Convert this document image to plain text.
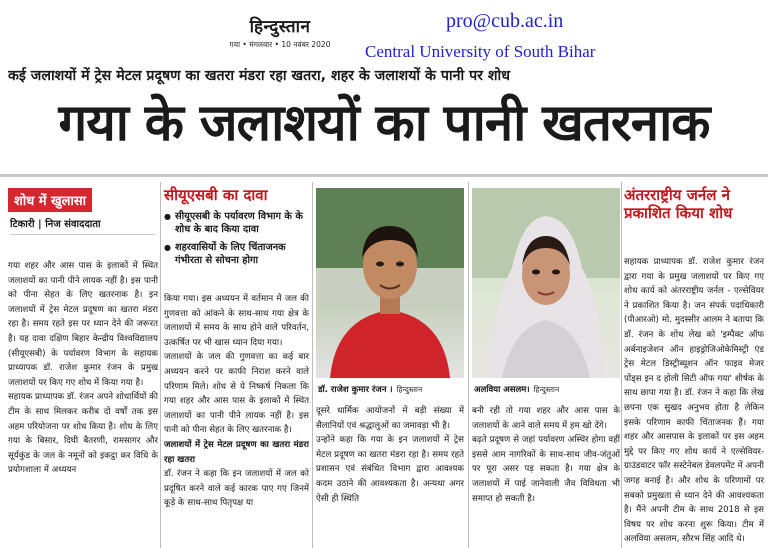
हिन्दुस्तान
गया • मंगलवार • 10 नवंबर 2020
pro@cub.ac.in
Central University of South Bihar
कई जलाशयों में ट्रेस मेटल प्रदूषण का खतरा मंडरा रहा खतरा, शहर के जलाशयों के पानी पर शोध
गया के जलाशयों का पानी खतरनाक
शोध में खुलासा
टिकारी | निज संवाददाता

गया शहर और आस पास के इलाकों में स्थित जलाशयों का पानी पीने लायक नहीं है। इस पानी को पीना सेहत के लिए खतरनाक है। इन जलाशयों में ट्रेस मेटल प्रदूषण का खतरा मंडरा रहा है। समय रहते इस पर ध्यान देने की जरूरत है। यह दावा दक्षिण बिहार केन्द्रीय विश्वविद्यालय (सीयूएसबी) के पर्यावरण विभाग के सहायक प्राध्यापक डॉ. राजेश कुमार रंजन के प्रमुख जलाशयों पर किए गए शोध में किया गया है।

सहायक प्राध्यापक डॉ. रंजन अपने शोधार्थियों की टीम के साथ मिलकर करीब दो वर्षों तक इस अहम परियोजना पर शोध किया है। शोध के लिए गया के बिसार, दिघी बैतरणी, रामसागर और सूर्यकुंड के जल के नमूनों को इकट्ठा कर विधि के प्रयोगशाला में अध्ययन

सीयूएसबी का दावा
● सीयूएसबी के पर्यावरण विभाग के के शोध के बाद किया दावा
● शहरवासियों के लिए चिंताजनक गंभीरता से सोचना होगा

किया गया। इस अध्ययन में वर्तमान में जल की गुणवत्ता को आंकने के साथ-साथ गया क्षेत्र के जलाशयों में समय के साथ होने वाले परिवर्तन, उत्कर्षित पर भी खास ध्यान दिया गया।

जलाशयों के जल की गुणवत्ता का कई बार अध्ययन करने पर काफी निराश करने वाले परिणाम मिले। शोध से ये निष्कर्ष निकला कि गया शहर और आस पास के इलाकों में स्थित जलाशयों का पानी पीने लायक नहीं है। इस पानी को पीना सेहत के लिए खतरनाक है।

जलाशयों में ट्रेस मेटल प्रदूषण का खतरा मंडरा रहा खतरा

डॉ. रंजन ने कहा कि इन जलाशयों में जल को प्रदूषित करने वाले कई कारक पाए गए जिनमें कूड़े के साथ-साथ पितृपक्ष या

डॉ. राजेश कुमार रंजन । हिन्दुस्तान	अलविया असलम। हिन्दुस्तान

दूसरे धार्मिक आयोजनों में बड़ी संख्या में सैलानियों एवं श्रद्धालुओं का जमावड़ा भी है।

उन्होंने कहा कि गया के इन जलाशयों में ट्रेस मेटल प्रदूषण का खतरा मंडरा रहा है। समय रहते प्रशासन एवं संबंधित विभाग द्वारा आवश्यक कदम उठाने की आवश्यकता है। अन्यथा अगर ऐसी ही स्थिति

बनी रही तो गया शहर और आस पास के जलाशयों के आने वाले समय में हम खो देंगे।

बढ़ते प्रदूषण से जहां पर्यावरण अस्थिर होगा वहीं इससे आम नागरिकों के साथ-साथ जीव-जंतुओं पर पूरा असर पड़ सकता है। गया क्षेत्र के जलाशयों में पाई जानेवाली जैव विविधता भी समाप्त हो सकती है।

अंतरराष्ट्रीय जर्नल ने प्रकाशित किया शोध

सहायक प्राध्यापक डॉ. राजेश कुमार रंजन द्वारा गया के प्रमुख जलाशयों पर किए गए शोध कार्य को अंतरराष्ट्रीय जर्नल - एल्सेवियर ने प्रकाशित किया है। जन संपर्क पदाधिकारी (पीआरओ) मो. मुदस्सीर आलम ने बताया कि डॉ. रंजन के शोध लेख को 'इम्पैक्ट ऑफ अर्बनाइजेशन ऑन हाइड्रोजिओकेमिस्ट्री एंड ट्रेस मेटल डिस्ट्रीब्यूशन ऑन फाइव मेजर पोंड्स इन द होली सिटी ऑफ गया' शीर्षक के साथ छापा गया है। डॉ. रंजन ने कहा कि लेख छपना एक सुखद अनुभव होता है लेकिन इसके परिणाम काफी चिंताजनक हैं। गया शहर और आसपास के इलाकों पर इस अहम मुद्दे पर किए गए शोध कार्य ने एल्सेवियर-ग्राउंडवाटर फॉर सस्टेनेबल डेवलपमेंट में अपनी जगह बनाई है। और शोध के परिणामों पर सबको प्रमुखता से ध्यान देने की आवश्यकता है। मैंने अपनी टीम के साथ 2018 से इस विषय पर शोध करना शुरू किया। टीम में अलविया असलम, सौरभ सिंह आदि थे।
